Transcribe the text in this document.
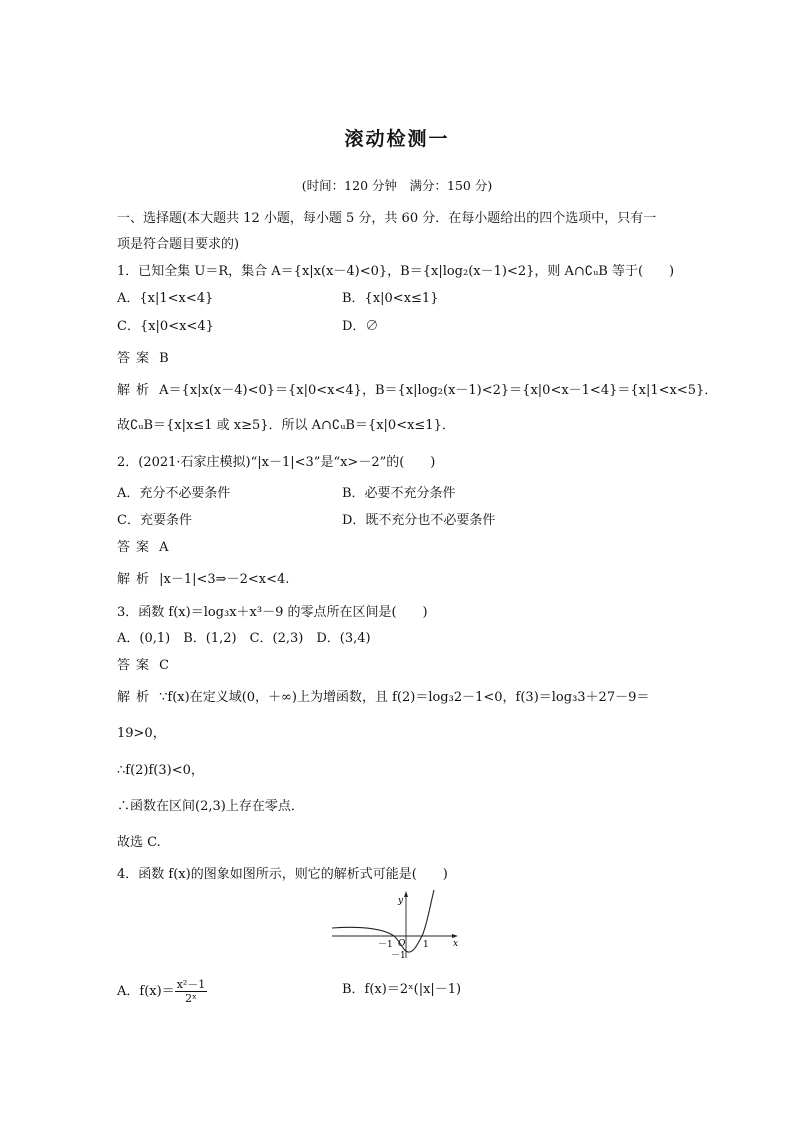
滚动检测一
(时间：120 分钟　满分：150 分)
一、选择题(本大题共 12 小题，每小题 5 分，共 60 分．在每小题给出的四个选项中，只有一
项是符合题目要求的)
1．已知全集 U＝R，集合 A＝{x|x(x－4)<0}，B＝{x|log₂(x－1)<2}，则 A∩∁ᵤB 等于(　　)
A．{x|1<x<4}	B．{x|0<x≤1}
C．{x|0<x<4}	D．∅
答案 B
解析 A＝{x|x(x－4)<0}＝{x|0<x<4}，B＝{x|log₂(x－1)<2}＝{x|0<x－1<4}＝{x|1<x<5}．
故∁ᵤB＝{x|x≤1 或 x≥5}．所以 A∩∁ᵤB＝{x|0<x≤1}．
2．(2021·石家庄模拟)“|x－1|<3”是“x>－2”的(　　)
A．充分不必要条件	B．必要不充分条件
C．充要条件	D．既不充分也不必要条件
答案 A
解析 |x－1|<3⇒－2<x<4.
3．函数 f(x)＝log₃x＋x³－9 的零点所在区间是(　　)
A．(0,1)　B．(1,2)　C．(2,3)　D．(3,4)
答案 C
解析 ∵f(x)在定义域(0，＋∞)上为增函数，且 f(2)＝log₃2－1<0，f(3)＝log₃3＋27－9＝
19>0，
∴f(2)f(3)<0，
∴函数在区间(2,3)上存在零点．
故选 C.
4．函数 f(x)的图象如图所示，则它的解析式可能是(　　)
y
x
O
－1	1
－1
A．$f(x)= \frac{\text{x²－1}}{\text{2ˣ}}$	B．f(x)＝2ˣ(|x|－1)
